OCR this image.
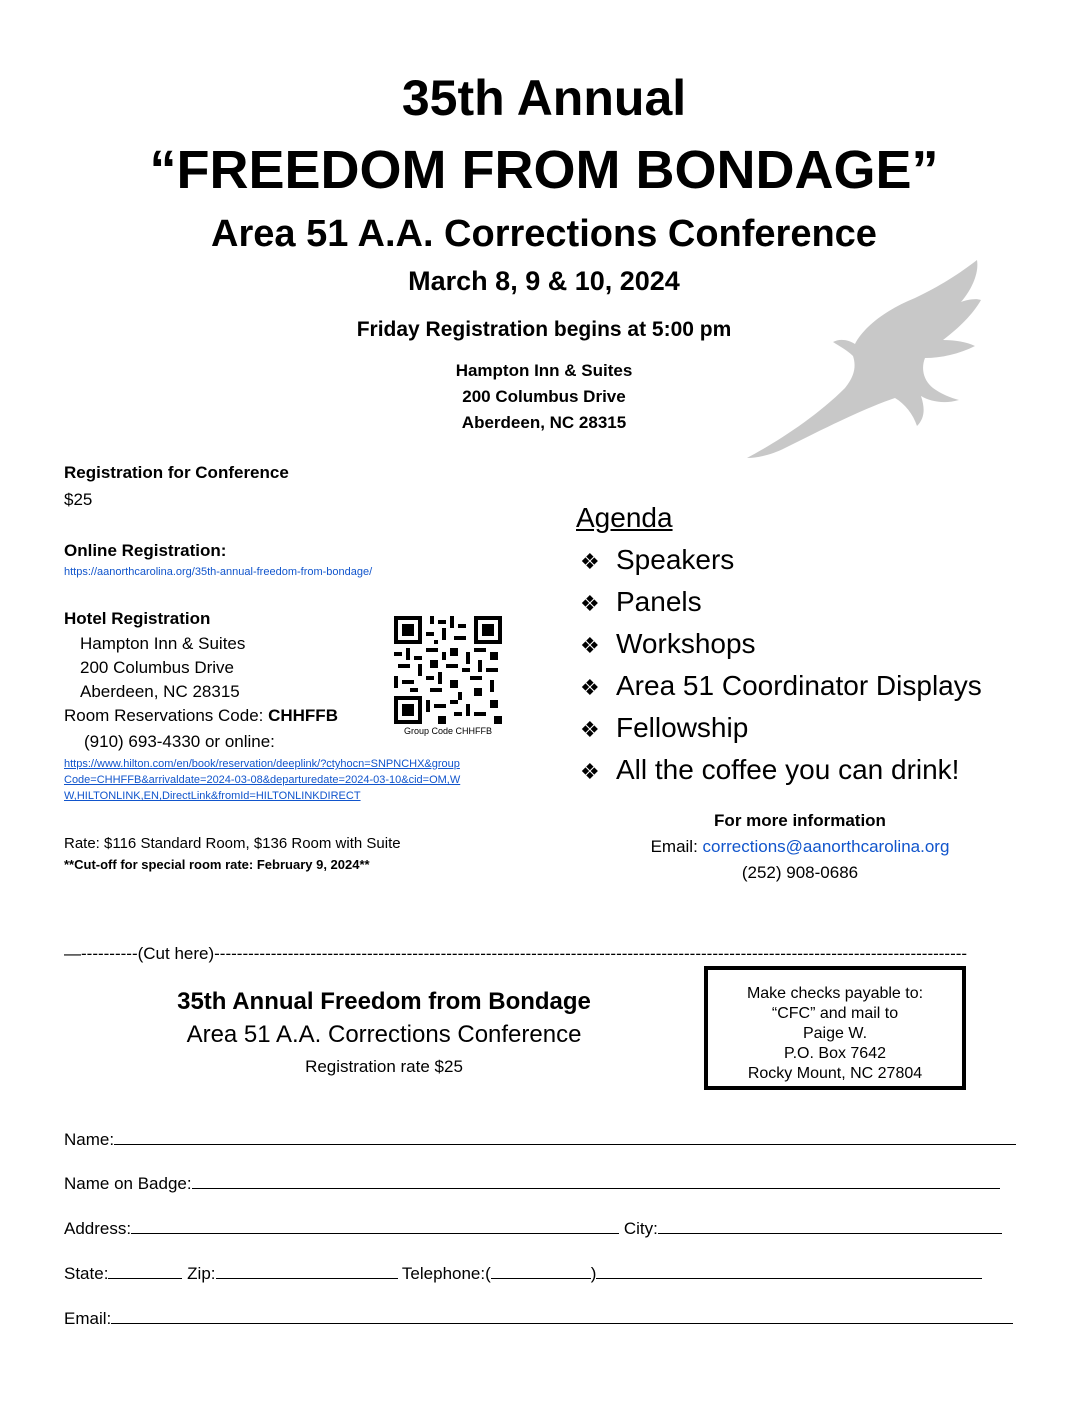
35th Annual
“FREEDOM FROM BONDAGE”
Area 51 A.A. Corrections Conference
March 8, 9 & 10, 2024
Friday Registration begins at 5:00 pm
Hampton Inn & Suites
200 Columbus Drive
Aberdeen, NC 28315
Registration for Conference
$25
Online Registration:
https://aanorthcarolina.org/35th-annual-freedom-from-bondage/
Hotel Registration
Hampton Inn & Suites
200 Columbus Drive
Aberdeen, NC 28315
Room Reservations Code: CHHFFB
(910) 693-4330 or online:
https://www.hilton.com/en/book/reservation/deeplink/?ctyhocn=SNPNCHX&group
Code=CHHFFB&arrivaldate=2024-03-08&departuredate=2024-03-10&cid=OM,W
W,HILTONLINK,EN,DirectLink&fromId=HILTONLINKDIRECT
Rate: $116 Standard Room, $136 Room with Suite
**Cut-off for special room rate: February 9, 2024**
Group Code CHHFFB
Agenda
❖ Speakers
❖ Panels
❖ Workshops
❖ Area 51 Coordinator Displays
❖ Fellowship
❖ All the coffee you can drink!
For more information
Email: corrections@aanorthcarolina.org
(252) 908-0686
—----------(Cut here)-------------------------------------------------------------------------------------------------------------------------------------
35th Annual Freedom from Bondage
Area 51 A.A. Corrections Conference
Registration rate $25
Make checks payable to:
“CFC” and mail to
Paige W.
P.O. Box 7642
Rocky Mount, NC 27804
Name:
Name on Badge:
Address:	City:
State:	Zip:	Telephone:(	)
Email:
